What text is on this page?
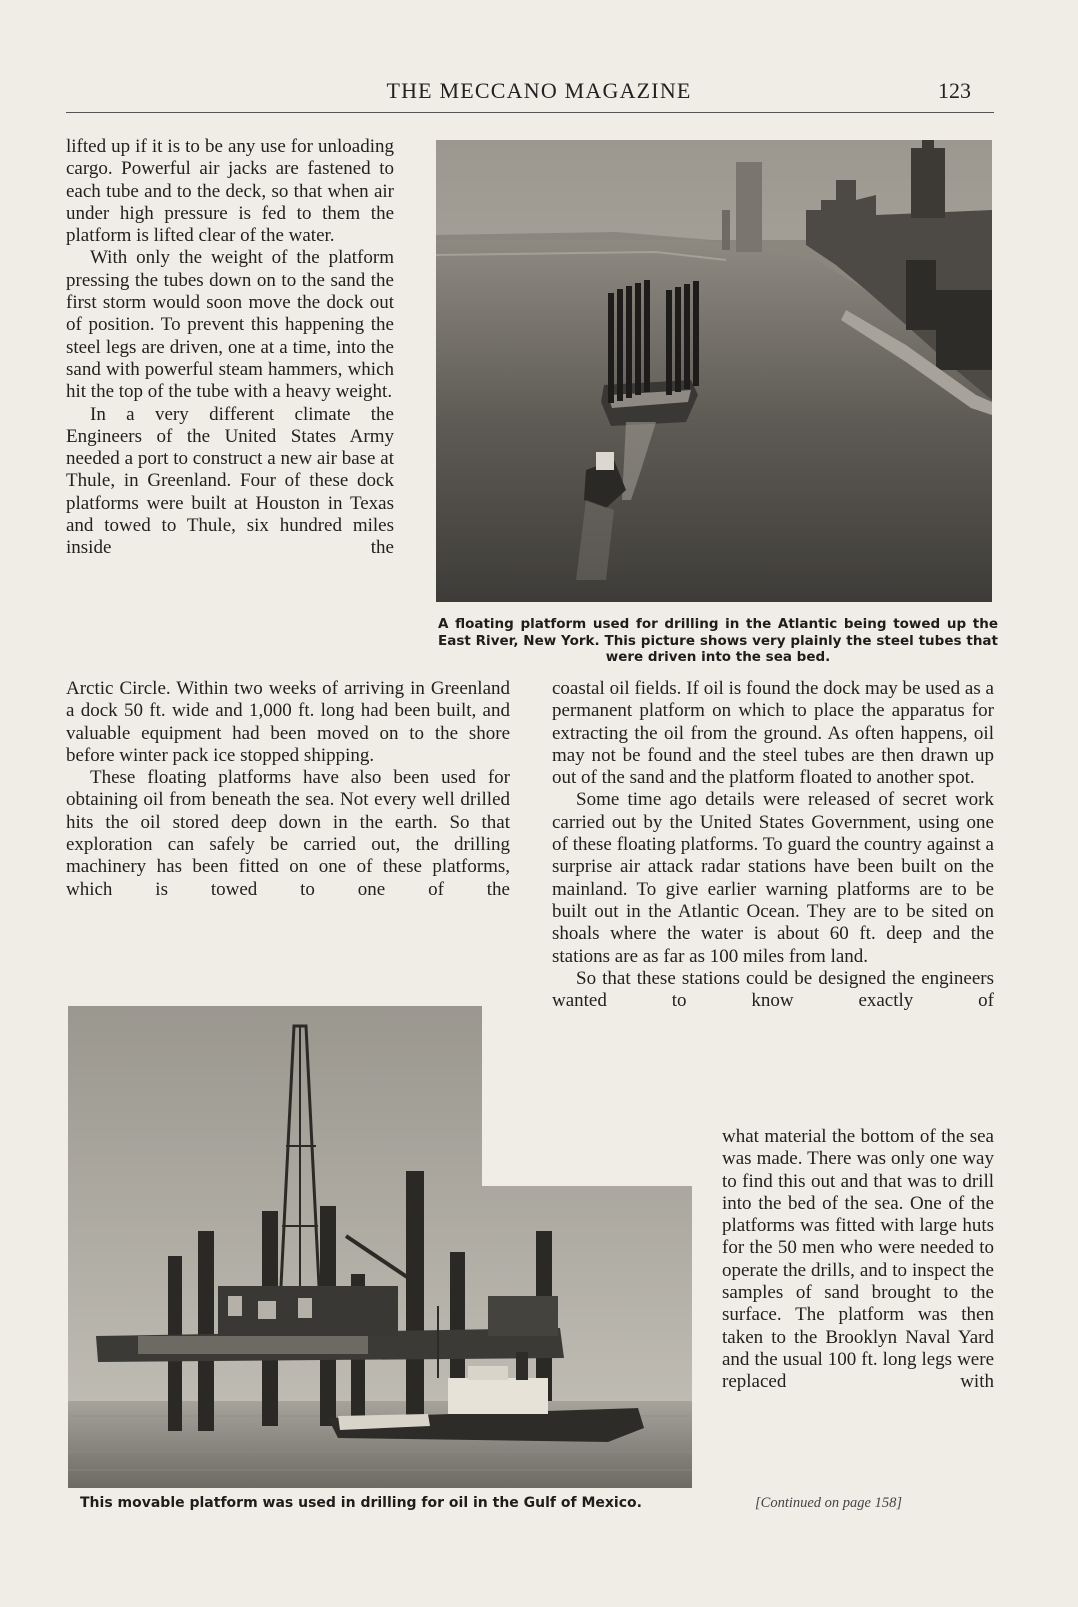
THE MECCANO MAGAZINE	123

lifted up if it is to be any use for unloading cargo. Powerful air jacks are fastened to each tube and to the deck, so that when air under high pressure is fed to them the platform is lifted clear of the water.

With only the weight of the platform pressing the tubes down on to the sand the first storm would soon move the dock out of position. To prevent this happening the steel legs are driven, one at a time, into the sand with powerful steam hammers, which hit the top of the tube with a heavy weight.

In a very different climate the Engineers of the United States Army needed a port to construct a new air base at Thule, in Greenland. Four of these dock platforms were built at Houston in Texas and towed to Thule, six hundred miles inside the

A floating platform used for drilling in the Atlantic being towed up the East River, New York. This picture shows very plainly the steel tubes that were driven into the sea bed.

Arctic Circle. Within two weeks of arriving in Greenland a dock 50 ft. wide and 1,000 ft. long had been built, and valuable equipment had been moved on to the shore before winter pack ice stopped shipping.

These floating platforms have also been used for obtaining oil from beneath the sea. Not every well drilled hits the oil stored deep down in the earth. So that exploration can safely be carried out, the drilling machinery has been fitted on one of these platforms, which is towed to one of the

coastal oil fields. If oil is found the dock may be used as a permanent platform on which to place the apparatus for extracting the oil from the ground. As often happens, oil may not be found and the steel tubes are then drawn up out of the sand and the platform floated to another spot.

Some time ago details were released of secret work carried out by the United States Government, using one of these floating platforms. To guard the country against a surprise air attack radar stations have been built on the mainland. To give earlier warning platforms are to be built out in the Atlantic Ocean. They are to be sited on shoals where the water is about 60 ft. deep and the stations are as far as 100 miles from land.

So that these stations could be designed the engineers wanted to know exactly of

what material the bottom of the sea was made. There was only one way to find this out and that was to drill into the bed of the sea. One of the platforms was fitted with large huts for the 50 men who were needed to operate the drills, and to inspect the samples of sand brought to the surface. The platform was then taken to the Brooklyn Naval Yard and the usual 100 ft. long legs were replaced with

This movable platform was used in drilling for oil in the Gulf of Mexico.	[Continued on page 158]
